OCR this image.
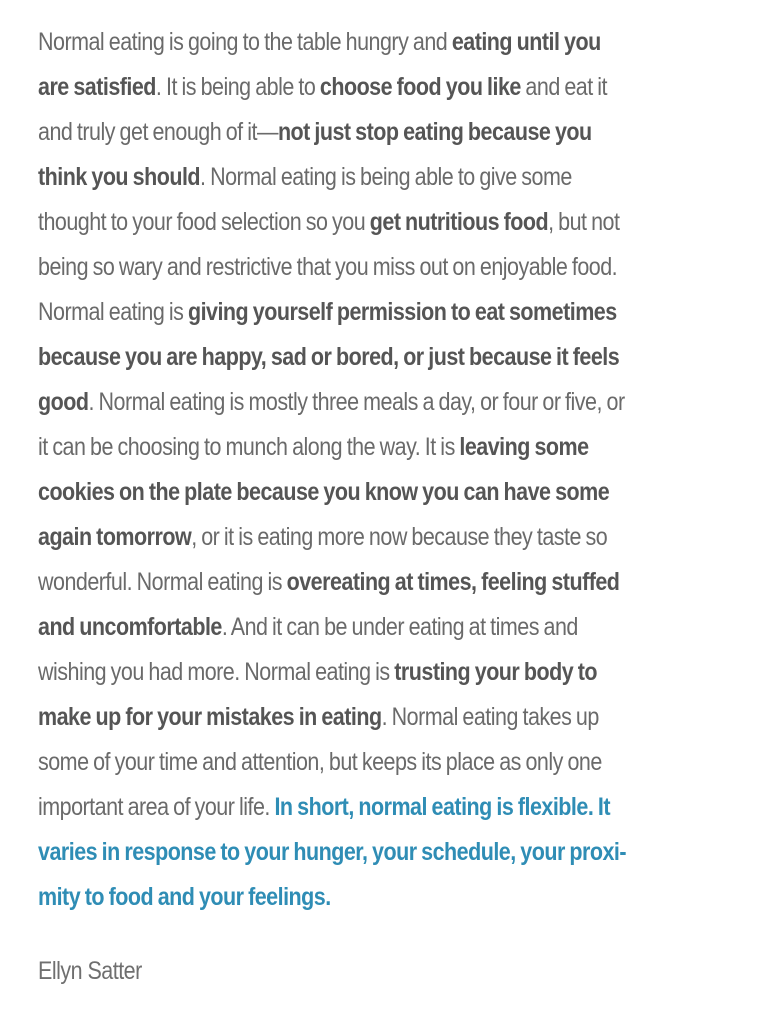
Normal eating is going to the table hungry and eating until you
are satisfied. It is being able to choose food you like and eat it
and truly get enough of it—not just stop eating because you
think you should. Normal eating is being able to give some
thought to your food selection so you get nutritious food, but not
being so wary and restrictive that you miss out on enjoyable food.
Normal eating is giving yourself permission to eat sometimes
because you are happy, sad or bored, or just because it feels
good. Normal eating is mostly three meals a day, or four or five, or
it can be choosing to munch along the way. It is leaving some
cookies on the plate because you know you can have some
again tomorrow, or it is eating more now because they taste so
wonderful. Normal eating is overeating at times, feeling stuffed
and uncomfortable. And it can be under eating at times and
wishing you had more. Normal eating is trusting your body to
make up for your mistakes in eating. Normal eating takes up
some of your time and attention, but keeps its place as only one
important area of your life. In short, normal eating is flexible. It
varies in response to your hunger, your schedule, your proxi-
mity to food and your feelings.
Ellyn Satter
